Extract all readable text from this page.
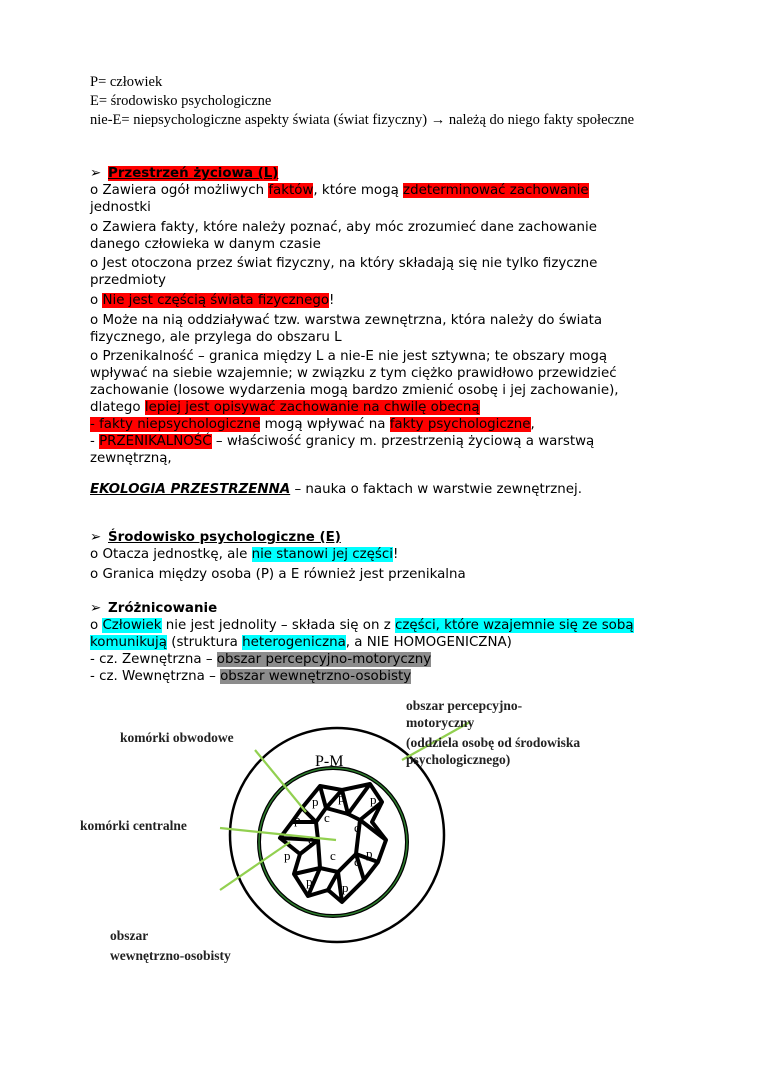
P= człowiek
E= środowisko psychologiczne
nie-E= niepsychologiczne aspekty świata (świat fizyczny) → należą do niego fakty społeczne
➢ Przestrzeń życiowa (L)
o Zawiera ogół możliwych faktów, które mogą zdeterminować zachowanie
jednostki
o Zawiera fakty, które należy poznać, aby móc zrozumieć dane zachowanie
danego człowieka w danym czasie
o Jest otoczona przez świat fizyczny, na który składają się nie tylko fizyczne
przedmioty
o Nie jest częścią świata fizycznego!
o Może na nią oddziaływać tzw. warstwa zewnętrzna, która należy do świata
fizycznego, ale przylega do obszaru L
o Przenikalność – granica między L a nie-E nie jest sztywna; te obszary mogą
wpływać na siebie wzajemnie; w związku z tym ciężko prawidłowo przewidzieć
zachowanie (losowe wydarzenia mogą bardzo zmienić osobę i jej zachowanie),
dlatego lepiej jest opisywać zachowanie na chwilę obecną
- fakty niepsychologiczne mogą wpływać na fakty psychologiczne,
- PRZENIKALNOŚĆ – właściwość granicy m. przestrzenią życiową a warstwą
zewnętrzną,
EKOLOGIA PRZESTRZENNA – nauka o faktach w warstwie zewnętrznej.
➢ Środowisko psychologiczne (E)
o Otacza jednostkę, ale nie stanowi jej części!
o Granica między osoba (P) a E również jest przenikalna
➢ Zróżnicowanie
o Człowiek nie jest jednolity – składa się on z części, które wzajemnie się ze sobą
komunikują (struktura heterogeniczna, a NIE HOMOGENICZNA)
- cz. Zewnętrzna – obszar percepcyjno-motoryczny
- cz. Wewnętrzna – obszar wewnętrzno-osobisty
p p p
p
p
p p
p
c
c
c
c c
P-M
komórki obwodowe
komórki centralne
obszar
wewnętrzno-osobisty
obszar percepcyjno-
motoryczny
(oddziela osobę od środowiska
psychologicznego)
